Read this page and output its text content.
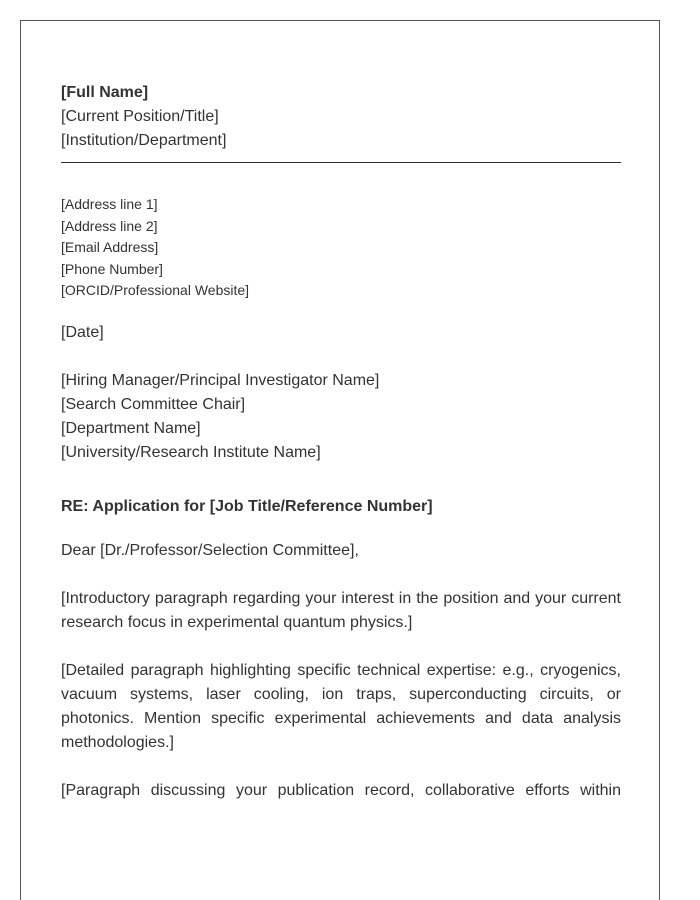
[Full Name]

[Current Position/Title]

[Institution/Department]

[Address line 1]

[Address line 2]

[Email Address]

[Phone Number]

[ORCID/Professional Website]

[Date]

[Hiring Manager/Principal Investigator Name]

[Search Committee Chair]

[Department Name]

[University/Research Institute Name]

RE: Application for [Job Title/Reference Number]

Dear [Dr./Professor/Selection Committee],

[Introductory paragraph regarding your interest in the position and your current research focus in experimental quantum physics.]

[Detailed paragraph highlighting specific technical expertise: e.g., cryogenics, vacuum systems, laser cooling, ion traps, superconducting circuits, or photonics. Mention specific experimental achievements and data analysis methodologies.]

[Paragraph discussing your publication record, collaborative efforts within
